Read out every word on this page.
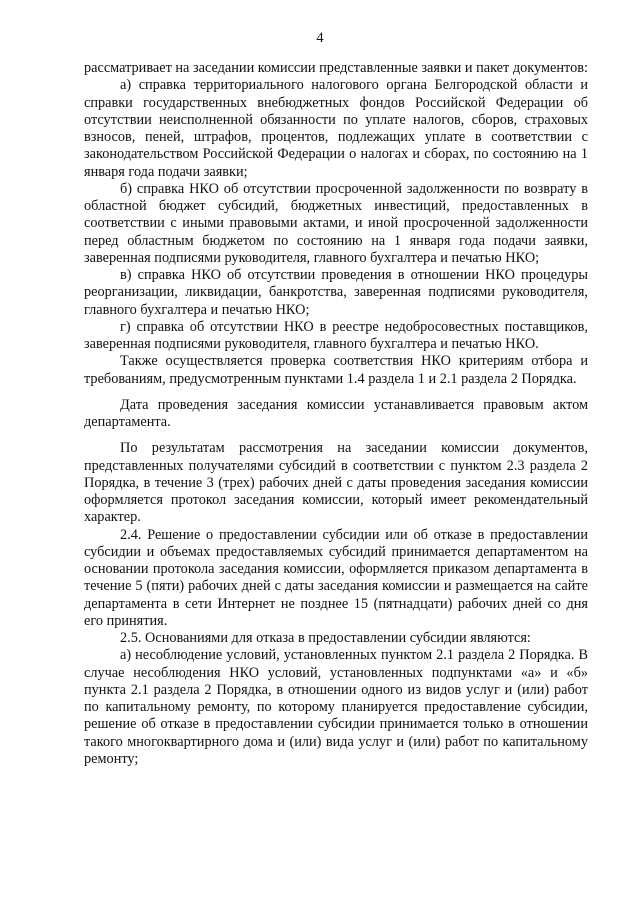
4

рассматривает на заседании комиссии представленные заявки и пакет документов:

а) справка территориального налогового органа Белгородской области и справки государственных внебюджетных фондов Российской Федерации об отсутствии неисполненной обязанности по уплате налогов, сборов, страховых взносов, пеней, штрафов, процентов, подлежащих уплате в соответствии с законодательством Российской Федерации о налогах и сборах, по состоянию на 1 января года подачи заявки;

б) справка НКО об отсутствии просроченной задолженности по возврату в областной бюджет субсидий, бюджетных инвестиций, предоставленных в соответствии с иными правовыми актами, и иной просроченной задолженности перед областным бюджетом по состоянию на 1 января года подачи заявки, заверенная подписями руководителя, главного бухгалтера и печатью НКО;

в) справка НКО об отсутствии проведения в отношении НКО процедуры реорганизации, ликвидации, банкротства, заверенная подписями руководителя, главного бухгалтера и печатью НКО;

г) справка об отсутствии НКО в реестре недобросовестных поставщиков, заверенная подписями руководителя, главного бухгалтера и печатью НКО.

Также осуществляется проверка соответствия НКО критериям отбора и требованиям, предусмотренным пунктами 1.4 раздела 1 и 2.1 раздела 2 Порядка.

Дата проведения заседания комиссии устанавливается правовым актом департамента.

По результатам рассмотрения на заседании комиссии документов, представленных получателями субсидий в соответствии с пунктом 2.3 раздела 2 Порядка, в течение 3 (трех) рабочих дней с даты проведения заседания комиссии оформляется протокол заседания комиссии, который имеет рекомендательный характер.

2.4. Решение о предоставлении субсидии или об отказе в предоставлении субсидии и объемах предоставляемых субсидий принимается департаментом на основании протокола заседания комиссии, оформляется приказом департамента в течение 5 (пяти) рабочих дней с даты заседания комиссии и размещается на сайте департамента в сети Интернет не позднее 15 (пятнадцати) рабочих дней со дня его принятия.

2.5. Основаниями для отказа в предоставлении субсидии являются:

а) несоблюдение условий, установленных пунктом 2.1 раздела 2 Порядка. В случае несоблюдения НКО условий, установленных подпунктами «а» и «б» пункта 2.1 раздела 2 Порядка, в отношении одного из видов услуг и (или) работ по капитальному ремонту, по которому планируется предоставление субсидии, решение об отказе в предоставлении субсидии принимается только в отношении такого многоквартирного дома и (или) вида услуг и (или) работ по капитальному ремонту;
